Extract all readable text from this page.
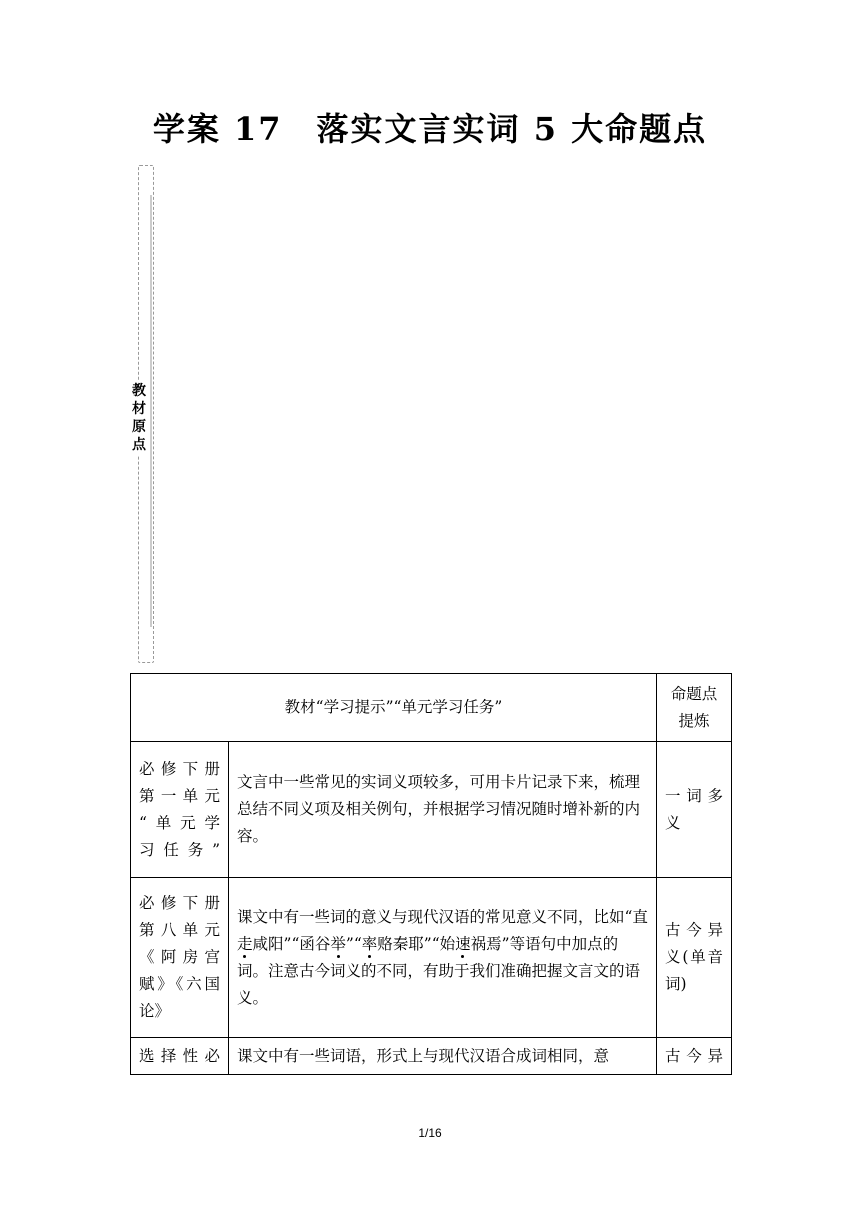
学案 17　落实文言实词 5 大命题点
教
材
原
点
教材“学习提示”“单元学习任务”		命题点
提炼

必修下册
第一单元
“单元学
习任务”	文言中一些常见的实词义项较多，可用卡片记录下来，梳理总结不同义项及相关例句，并根据学习情况随时增补新的内容。	一词多义

必修下册
第八单元
《阿房宫
赋》《六国
论》	课文中有一些词的意义与现代汉语的常见意义不同，比如“直走咸阳”“函谷举”“率赂秦耶”“始速祸焉”等语句中加点的词。注意古今词义的不同，有助于我们准确把握文言文的语义。	古今异义(单音词)

选择性必	课文中有一些词语，形式上与现代汉语合成词相同，意	古今异
1/16
